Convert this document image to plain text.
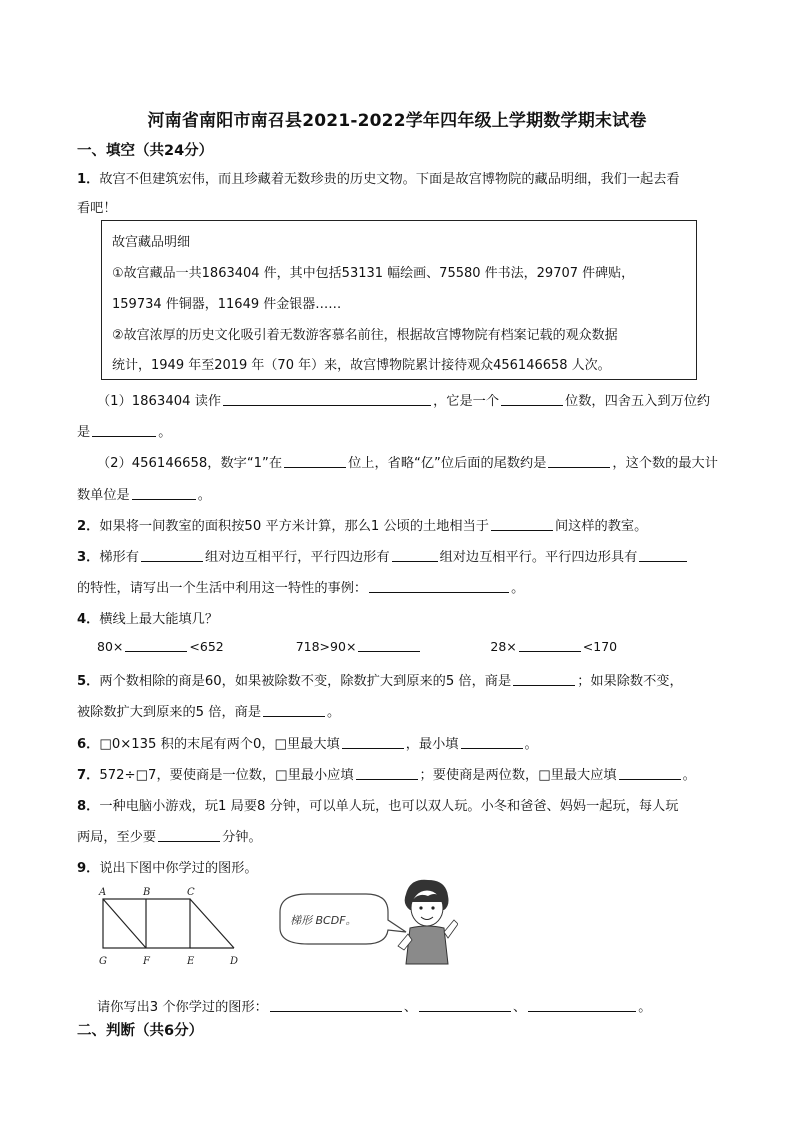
河南省南阳市南召县2021-2022学年四年级上学期数学期末试卷
一、填空（共24分）
1．故宫不但建筑宏伟，而且珍藏着无数珍贵的历史文物。下面是故宫博物院的藏品明细，我们一起去看
看吧！
故宫藏品明细
①故宫藏品一共1863404 件，其中包括53131 幅绘画、75580 件书法，29707 件碑贴，
159734 件铜器，11649 件金银器……
②故宫浓厚的历史文化吸引着无数游客慕名前往，根据故宫博物院有档案记载的观众数据
统计，1949 年至2019 年（70 年）来，故宫博物院累计接待观众456146658 人次。
（1）1863404 读作	，它是一个	位数，四舍五入到万位约
是	。
（2）456146658，数字“1”在	位上，省略“亿”位后面的尾数约是	，这个数的最大计
数单位是	。
2．如果将一间教室的面积按50 平方米计算，那么1 公顷的土地相当于	间这样的教室。
3．梯形有	组对边互相平行，平行四边形有	组对边互相平行。平行四边形具有
的特性，请写出一个生活中利用这一特性的事例：	。
4．横线上最大能填几？
80×	<652	718>90×	28×	<170
5．两个数相除的商是60，如果被除数不变，除数扩大到原来的5 倍，商是	；如果除数不变，
被除数扩大到原来的5 倍，商是	。
6．□0×135 积的末尾有两个0，□里最大填	，最小填	。
7．572÷□7，要使商是一位数，□里最小应填	；要使商是两位数，□里最大应填	。
8．一种电脑小游戏，玩1 局要8 分钟，可以单人玩，也可以双人玩。小冬和爸爸、妈妈一起玩，每人玩
两局，至少要	分钟。
9．说出下图中你学过的图形。
A	B	C
G	F	E	D
梯形 BCDF。
请你写出3 个你学过的图形：	、	、	。
二、判断（共6分）
